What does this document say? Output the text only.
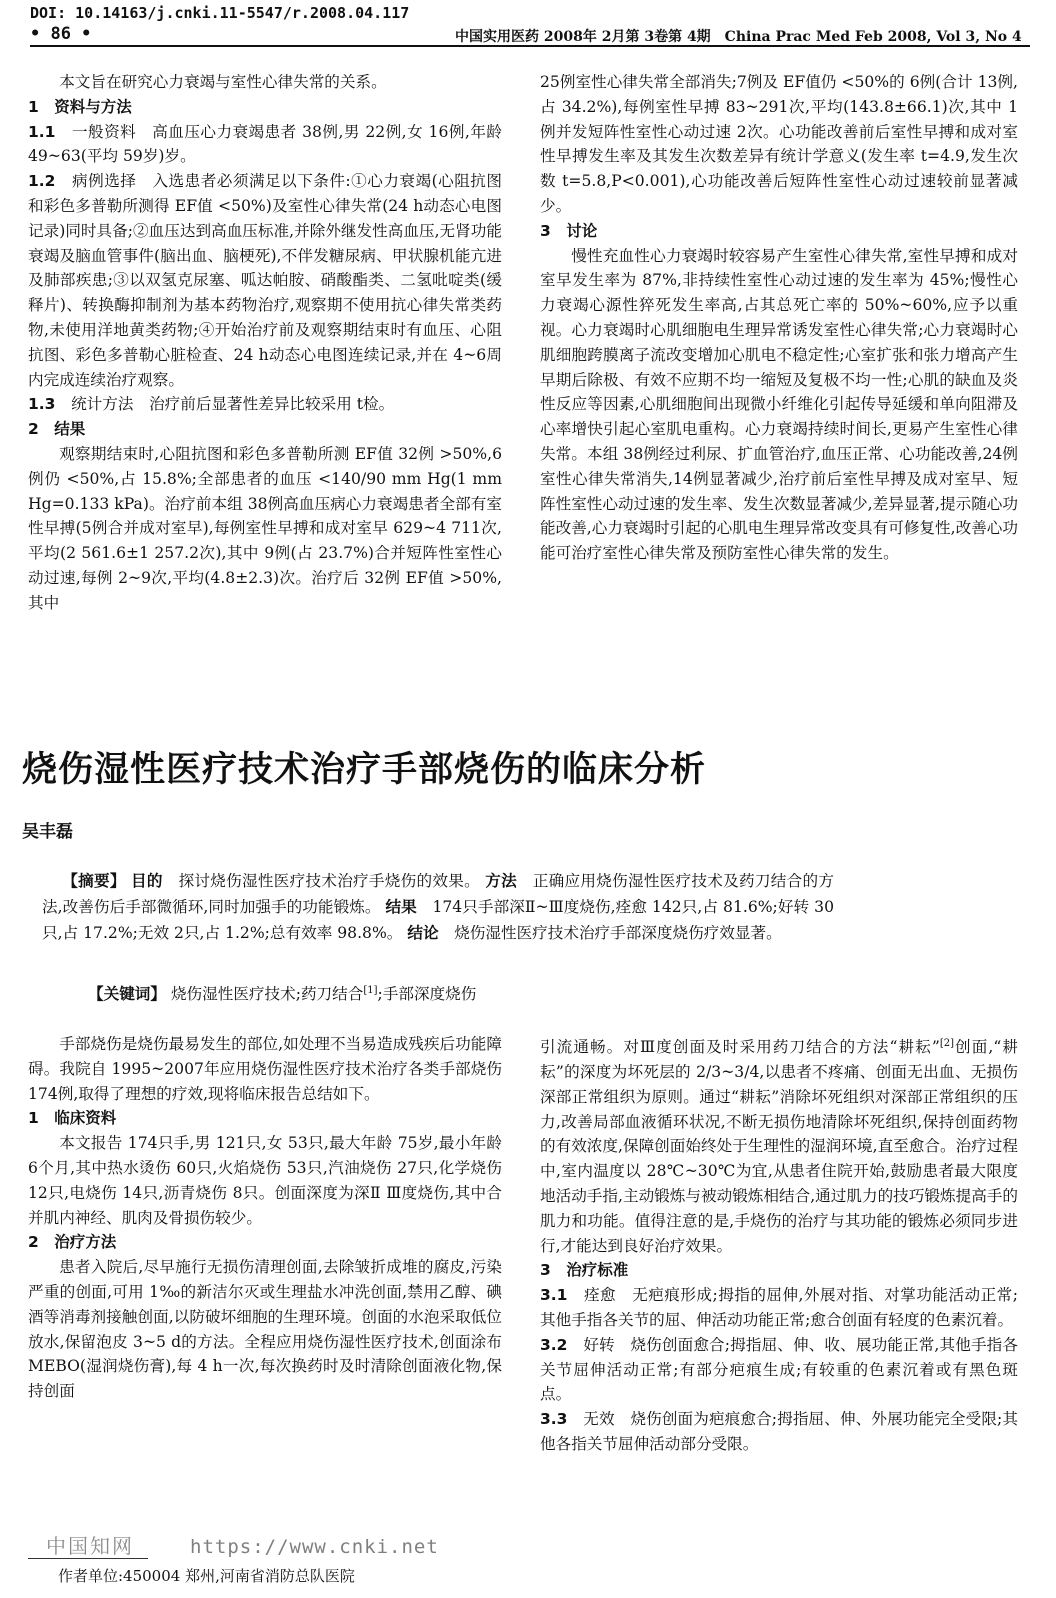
DOI: 10.14163/j.cnki.11-5547/r.2008.04.117
• 86 •	中国实用医药 2008年 2月第 3卷第 4期　China Prac Med Feb 2008, Vol 3, No 4

本文旨在研究心力衰竭与室性心律失常的关系。

1　资料与方法

1.1　 一般资料　 高血压心力衰竭患者 38例,男 22例,女 16例,年龄 49~63(平均 59岁)岁。

1.2　 病例选择　 入选患者必须满足以下条件:①心力衰竭(心阻抗图和彩色多普勒所测得 EF值 <50%)及室性心律失常(24 h动态心电图记录)同时具备;②血压达到高血压标准,并除外继发性高血压,无肾功能衰竭及脑血管事件(脑出血、脑梗死),不伴发糖尿病、甲状腺机能亢进及肺部疾患;③以双氢克尿塞、呱达帕胺、硝酸酯类、二氢吡啶类(缓释片)、转换酶抑制剂为基本药物治疗,观察期不使用抗心律失常类药物,未使用洋地黄类药物;④开始治疗前及观察期结束时有血压、心阻抗图、彩色多普勒心脏检查、24 h动态心电图连续记录,并在 4~6周内完成连续治疗观察。

1.3　 统计方法　 治疗前后显著性差异比较采用 t检。

2　结果

观察期结束时,心阻抗图和彩色多普勒所测 EF值 32例 >50%,6例仍 <50%,占 15.8%;全部患者的血压 <140/90 mm Hg(1 mm Hg=0.133 kPa)。治疗前本组 38例高血压病心力衰竭患者全部有室性早搏(5例合并成对室早),每例室性早搏和成对室早 629~4 711次,平均(2 561.6±1 257.2次),其中 9例(占 23.7%)合并短阵性室性心动过速,每例 2~9次,平均(4.8±2.3)次。治疗后 32例 EF值 >50%,其中

25例室性心律失常全部消失;7例及 EF值仍 <50%的 6例(合计 13例,占 34.2%),每例室性早搏 83~291次,平均(143.8±66.1)次,其中 1例并发短阵性室性心动过速 2次。心功能改善前后室性早搏和成对室性早搏发生率及其发生次数差异有统计学意义(发生率 t=4.9,发生次数 t=5.8,P<0.001),心功能改善后短阵性室性心动过速较前显著减少。

3　讨论

慢性充血性心力衰竭时较容易产生室性心律失常,室性早搏和成对室早发生率为 87%,非持续性室性心动过速的发生率为 45%;慢性心力衰竭心源性猝死发生率高,占其总死亡率的 50%~60%,应予以重视。心力衰竭时心肌细胞电生理异常诱发室性心律失常;心力衰竭时心肌细胞跨膜离子流改变增加心肌电不稳定性;心室扩张和张力增高产生早期后除极、有效不应期不均一缩短及复极不均一性;心肌的缺血及炎性反应等因素,心肌细胞间出现微小纤维化引起传导延缓和单向阻滞及心率增快引起心室肌电重构。心力衰竭持续时间长,更易产生室性心律失常。本组 38例经过利尿、扩血管治疗,血压正常、心功能改善,24例室性心律失常消失,14例显著减少,治疗前后室性早搏及成对室早、短阵性室性心动过速的发生率、发生次数显著减少,差异显著,提示随心功能改善,心力衰竭时引起的心肌电生理异常改变具有可修复性,改善心功能可治疗室性心律失常及预防室性心律失常的发生。

烧伤湿性医疗技术治疗手部烧伤的临床分析
吴丰磊

【摘要】 目的　 探讨烧伤湿性医疗技术治疗手烧伤的效果。 方法　 正确应用烧伤湿性医疗技术及药刀结合的方法,改善伤后手部微循环,同时加强手的功能锻炼。 结果　 174只手部深Ⅱ~Ⅲ度烧伤,痊愈 142只,占 81.6%;好转 30只,占 17.2%;无效 2只,占 1.2%;总有效率 98.8%。 结论　 烧伤湿性医疗技术治疗手部深度烧伤疗效显著。

【关键词】 烧伤湿性医疗技术;药刀结合[1];手部深度烧伤

手部烧伤是烧伤最易发生的部位,如处理不当易造成残疾后功能障碍。我院自 1995~2007年应用烧伤湿性医疗技术治疗各类手部烧伤 174例,取得了理想的疗效,现将临床报告总结如下。

1　临床资料

本文报告 174只手,男 121只,女 53只,最大年龄 75岁,最小年龄 6个月,其中热水烫伤 60只,火焰烧伤 53只,汽油烧伤 27只,化学烧伤 12只,电烧伤 14只,沥青烧伤 8只。创面深度为深Ⅱ Ⅲ度烧伤,其中合并肌内神经、肌肉及骨损伤较少。

2　治疗方法

患者入院后,尽早施行无损伤清理创面,去除皱折成堆的腐皮,污染严重的创面,可用 1‰的新洁尔灭或生理盐水冲洗创面,禁用乙醇、碘酒等消毒剂接触创面,以防破坏细胞的生理环境。创面的水泡采取低位放水,保留泡皮 3~5 d的方法。全程应用烧伤湿性医疗技术,创面涂布 MEBO(湿润烧伤膏),每 4 h一次,每次换药时及时清除创面液化物,保持创面

引流通畅。对Ⅲ度创面及时采用药刀结合的方法“耕耘”[2]创面,“耕耘”的深度为坏死层的 2/3~3/4,以患者不疼痛、创面无出血、无损伤深部正常组织为原则。通过“耕耘”消除坏死组织对深部正常组织的压力,改善局部血液循环状况,不断无损伤地清除坏死组织,保持创面药物的有效浓度,保障创面始终处于生理性的湿润环境,直至愈合。治疗过程中,室内温度以 28℃~30℃为宜,从患者住院开始,鼓励患者最大限度地活动手指,主动锻炼与被动锻炼相结合,通过肌力的技巧锻炼提高手的肌力和功能。值得注意的是,手烧伤的治疗与其功能的锻炼必须同步进行,才能达到良好治疗效果。

3　治疗标准

3.1　 痊愈　 无疤痕形成;拇指的屈伸,外展对指、对掌功能活动正常;其他手指各关节的屈、伸活动功能正常;愈合创面有轻度的色素沉着。

3.2　 好转　 烧伤创面愈合;拇指屈、伸、收、展功能正常,其他手指各关节屈伸活动正常;有部分疤痕生成;有较重的色素沉着或有黑色斑点。

3.3　 无效　 烧伤创面为疤痕愈合;拇指屈、伸、外展功能完全受限;其他各指关节屈伸活动部分受限。

中国知网	https://www.cnki.net
作者单位:450004 郑州,河南省消防总队医院
